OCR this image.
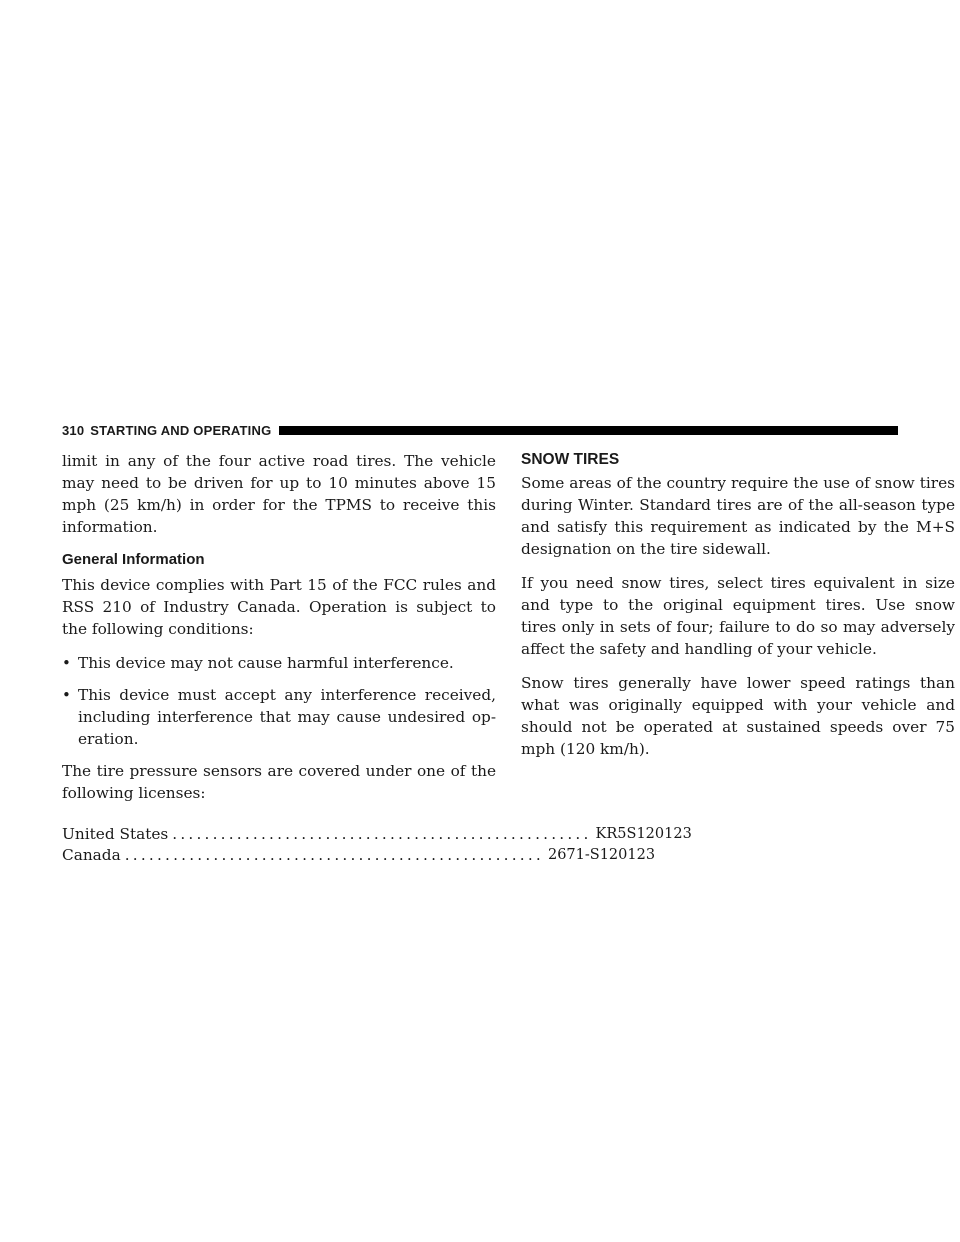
310 STARTING AND OPERATING

limit in any of the four active road tires. The vehicle may need to be driven for up to 10 minutes above 15 mph (25 km/h) in order for the TPMS to receive this information.

General Information

This device complies with Part 15 of the FCC rules and RSS 210 of Industry Canada. Operation is subject to the following conditions:

• This device may not cause harmful interference.
• This device must accept any interference received, including interference that may cause undesired op-eration.

The tire pressure sensors are covered under one of the following licenses:

United States .................................................... KR5S120123
Canada .................................................... 2671-S120123
SNOW TIRES

Some areas of the country require the use of snow tires during Winter. Standard tires are of the all-season type and satisfy this requirement as indicated by the M+S designation on the tire sidewall.

If you need snow tires, select tires equivalent in size and type to the original equipment tires. Use snow tires only in sets of four; failure to do so may adversely affect the safety and handling of your vehicle.

Snow tires generally have lower speed ratings than what was originally equipped with your vehicle and should not be operated at sustained speeds over 75 mph (120 km/h).
